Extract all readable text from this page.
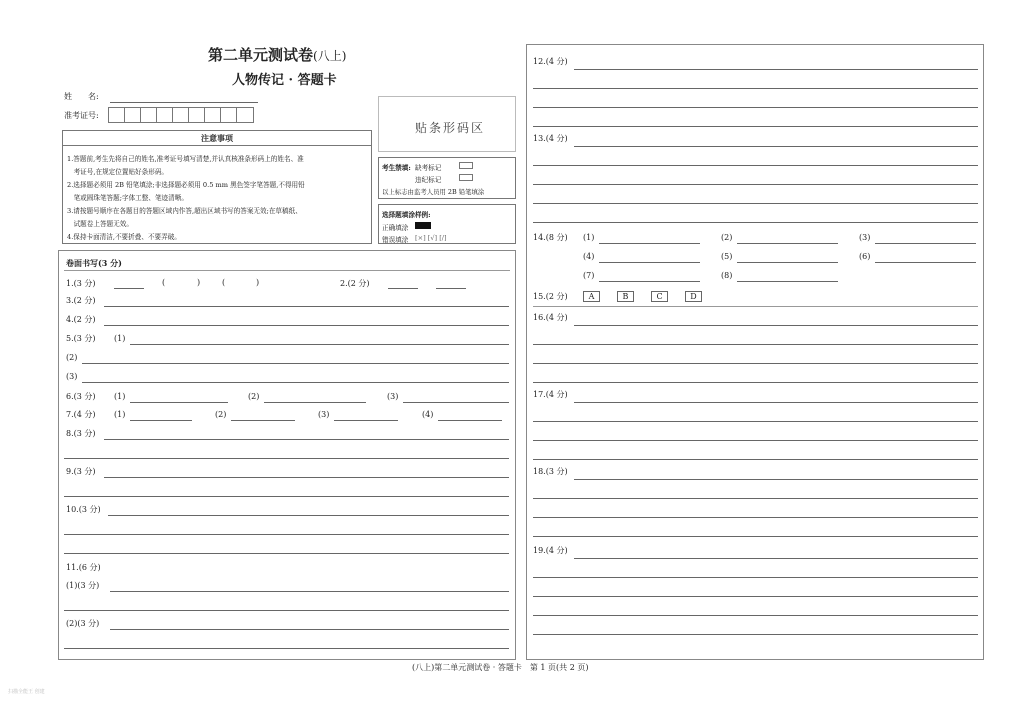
第二单元测试卷(八上)
人物传记 · 答题卡
姓　　名:
准考证号:
贴条形码区
注意事项
1.答题前,考生先将自己的姓名,准考证号填写清楚,并认真核准条形码上的姓名、准
　考证号,在规定位置贴好条形码。
2.选择题必须用 2B 铅笔填涂;非选择题必须用 0.5 mm 黑色签字笔答题,不得用铅
　笔或圆珠笔答题;字体工整、笔迹清晰。
3.请按题号顺序在各题目的答题区域内作答,超出区域书写的答案无效;在草稿纸、
　试题卷上答题无效。
4.保持卡面清洁,不要折叠、不要弄破。
考生禁填: 缺考标记
违纪标记
以上标志由监考人员用 2B 铅笔填涂
选择题填涂样例:
正确填涂
错误填涂 [×] [√] [/]
卷面书写(3 分)
1.(3 分)	(	)	(	)	2.(2 分)
3.(2 分)
4.(2 分)
5.(3 分) (1)
(2)
(3)
6.(3 分) (1)	(2)	(3)
7.(4 分) (1)	(2)	(3)	(4)
8.(3 分)
9.(3 分)
10.(3 分)
11.(6 分)
(1)(3 分)
(2)(3 分)
12.(4 分)
13.(4 分)
14.(8 分) (1)	(2)	(3)
(4)	(5)	(6)
(7)	(8)
15.(2 分)	A	B	C	D
16.(4 分)
17.(4 分)
18.(3 分)
19.(4 分)
(八上)第二单元测试卷 · 答题卡　第 1 页(共 2 页)
扫描全能王 创建
